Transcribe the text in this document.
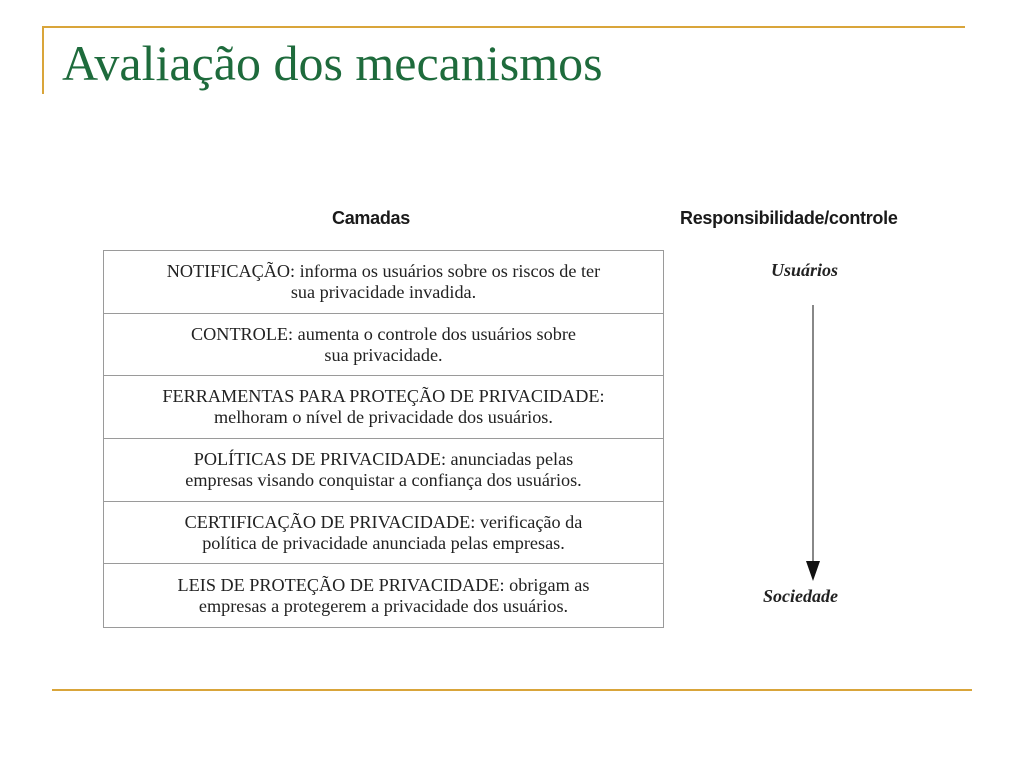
Avaliação dos mecanismos
Camadas	Responsibilidade/controle
NOTIFICAÇÃO: informa os usuários sobre os riscos de ter
sua privacidade invadida.
CONTROLE: aumenta o controle dos usuários sobre
sua privacidade.
FERRAMENTAS PARA PROTEÇÃO DE PRIVACIDADE:
melhoram o nível de privacidade dos usuários.
POLÍTICAS DE PRIVACIDADE: anunciadas pelas
empresas visando conquistar a confiança dos usuários.
CERTIFICAÇÃO DE PRIVACIDADE: verificação da
política de privacidade anunciada pelas empresas.
LEIS DE PROTEÇÃO DE PRIVACIDADE: obrigam as
empresas a protegerem a privacidade dos usuários.
Usuários
Sociedade
